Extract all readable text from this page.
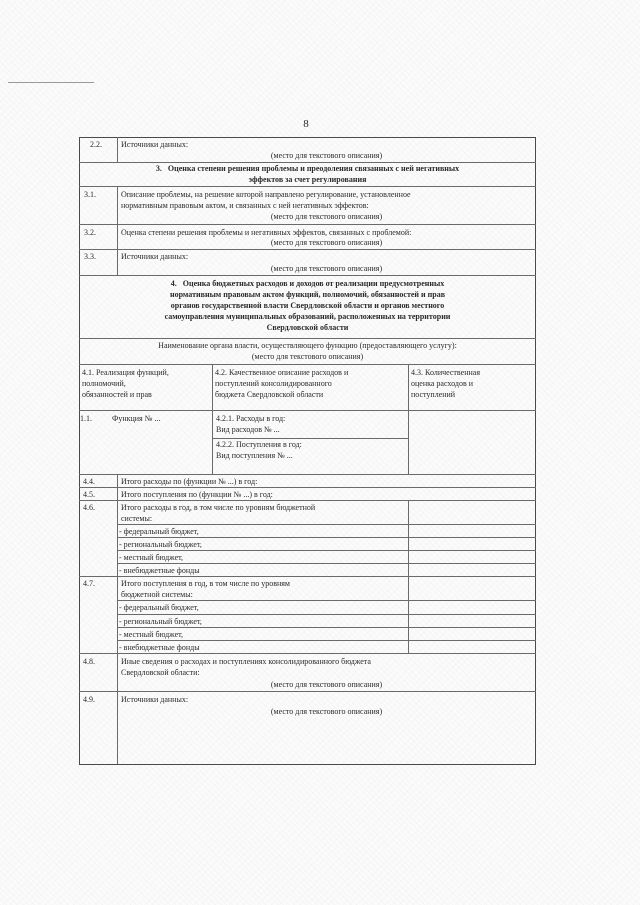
8
2.2. Источники данных:
(место для текстового описания)
3. Оценка степени решения проблемы и преодоления связанных с ней негативных
эффектов за счет регулирования
3.1.	Описание проблемы, на решение которой направлено регулирование, установленное
нормативным правовым актом, и связанных с ней негативных эффектов:
(место для текстового описания)
3.2.	Оценка степени решения проблемы и негативных эффектов, связанных с проблемой:
(место для текстового описания)
3.3.	Источники данных:
(место для текстового описания)
4. Оценка бюджетных расходов и доходов от реализации предусмотренных
нормативным правовым актом функций, полномочий, обязанностей и прав
органов государственной власти Свердловской области и органов местного
самоуправления муниципальных образований, расположенных на территории
Свердловской области
Наименование органа власти, осуществляющего функцию (предоставляющего услугу):
(место для текстового описания)
4.1. Реализация функций,
полномочий,
обязанностей и прав
4.2. Качественное описание расходов и
поступлений консолидированного
бюджета Свердловской области
4.3. Количественная
оценка расходов и
поступлений
1.1.	Функция № ...	4.2.1. Расходы в год:
Вид расходов № ...
4.2.2. Поступления в год:
Вид поступления № ...
4.4.	Итого расходы по (функции № ...) в год:
4.5.	Итого поступления по (функции № ...) в год:
4.6.	Итого расходы в год, в том числе по уровням бюджетной
системы:
- федеральный бюджет,
- региональный бюджет,
- местный бюджет,
- внебюджетные фонды
4.7.	Итого поступления в год, в том числе по уровням
бюджетной системы:
- федеральный бюджет,
- региональный бюджет,
- местный бюджет,
- внебюджетные фонды
4.8.	Иные сведения о расходах и поступлениях консолидированного бюджета
Свердловской области:
(место для текстового описания)
4.9.	Источники данных:
(место для текстового описания)
